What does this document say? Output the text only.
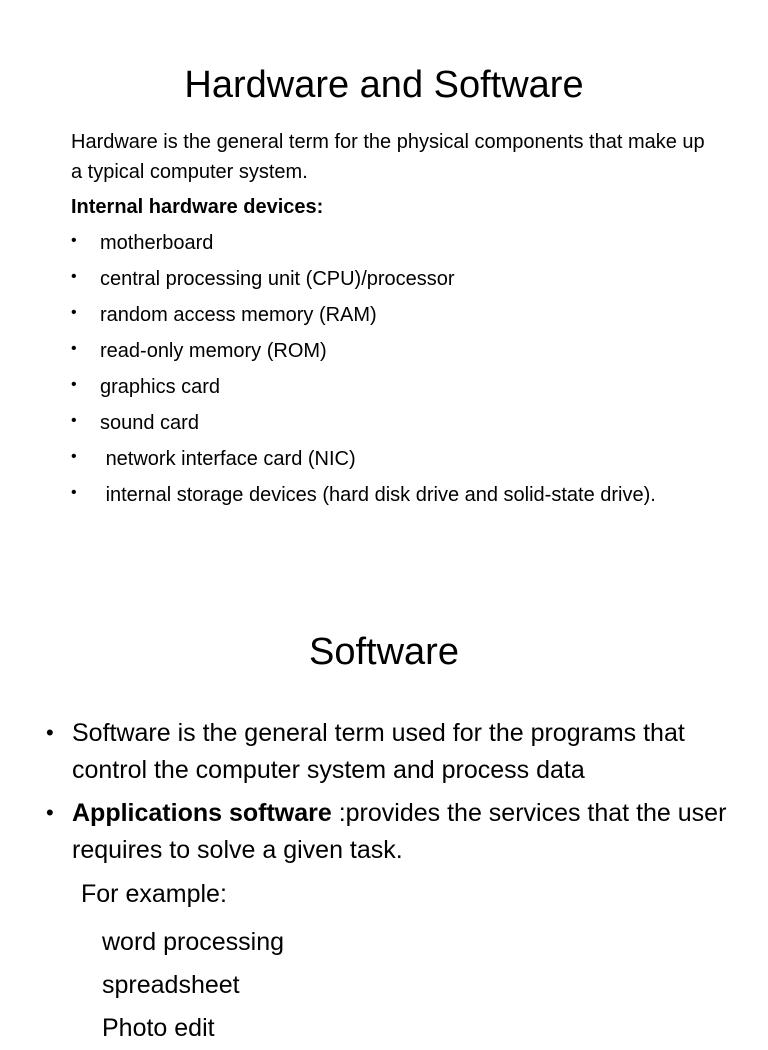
Hardware and Software

Hardware is the general term for the physical components that make up a typical computer system.

Internal hardware devices:

• motherboard
• central processing unit (CPU)/processor
• random access memory (RAM)
• read-only memory (ROM)
• graphics card
• sound card
• network interface card (NIC)
• internal storage devices (hard disk drive and solid-state drive).
Software
• Software is the general term used for the programs that control the computer system and process data
• Applications software :provides the services that the user requires to solve a given task.

For example:

word processing
spreadsheet
Photo edit
